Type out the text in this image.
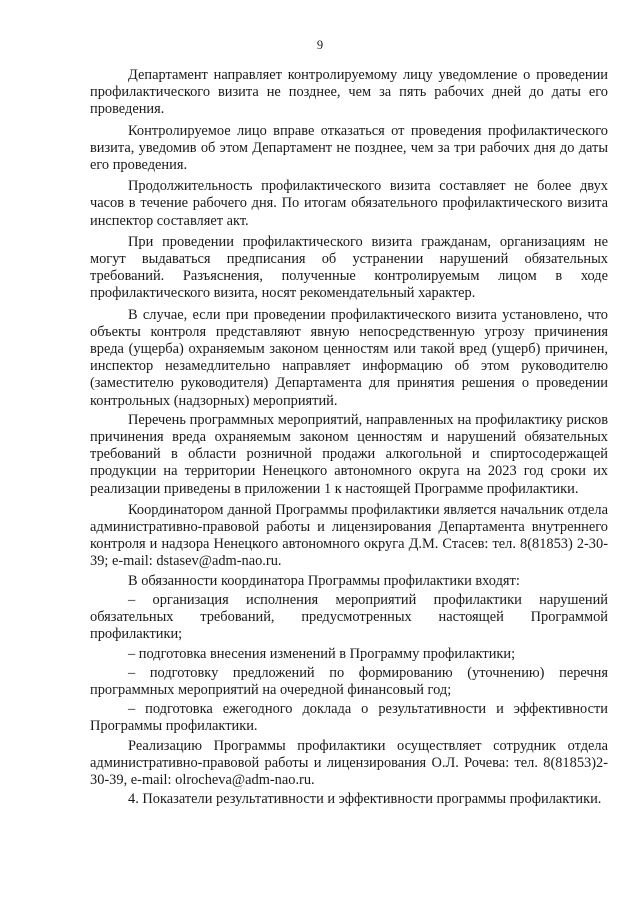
9

Департамент направляет контролируемому лицу уведомление о проведении профилактического визита не позднее, чем за пять рабочих дней до даты его проведения.

Контролируемое лицо вправе отказаться от проведения профилактического визита, уведомив об этом Департамент не позднее, чем за три рабочих дня до даты его проведения.

Продолжительность профилактического визита составляет не более двух часов в течение рабочего дня. По итогам обязательного профилактического визита инспектор составляет акт.

При проведении профилактического визита гражданам, организациям не могут выдаваться предписания об устранении нарушений обязательных требований. Разъяснения, полученные контролируемым лицом в ходе профилактического визита, носят рекомендательный характер.

В случае, если при проведении профилактического визита установлено, что объекты контроля представляют явную непосредственную угрозу причинения вреда (ущерба) охраняемым законом ценностям или такой вред (ущерб) причинен, инспектор незамедлительно направляет информацию об этом руководителю (заместителю руководителя) Департамента для принятия решения о проведении контрольных (надзорных) мероприятий.

Перечень программных мероприятий, направленных на профилактику рисков причинения вреда охраняемым законом ценностям и нарушений обязательных требований в области розничной продажи алкогольной и спиртосодержащей продукции на территории Ненецкого автономного округа на 2023 год сроки их реализации приведены в приложении 1 к настоящей Программе профилактики.

Координатором данной Программы профилактики является начальник отдела административно-правовой работы и лицензирования Департамента внутреннего контроля и надзора Ненецкого автономного округа Д.М. Стасев: тел. 8(81853) 2-30-39; e-mail: dstasev@adm-nao.ru.

В обязанности координатора Программы профилактики входят:

– организация исполнения мероприятий профилактики нарушений обязательных требований, предусмотренных настоящей Программой профилактики;

– подготовка внесения изменений в Программу профилактики;

– подготовку предложений по формированию (уточнению) перечня программных мероприятий на очередной финансовый год;

– подготовка ежегодного доклада о результативности и эффективности Программы профилактики.

Реализацию Программы профилактики осуществляет сотрудник отдела административно-правовой работы и лицензирования О.Л. Рочева: тел. 8(81853)2-30-39, e-mail: olrocheva@adm-nao.ru.

4. Показатели результативности и эффективности программы профилактики.
